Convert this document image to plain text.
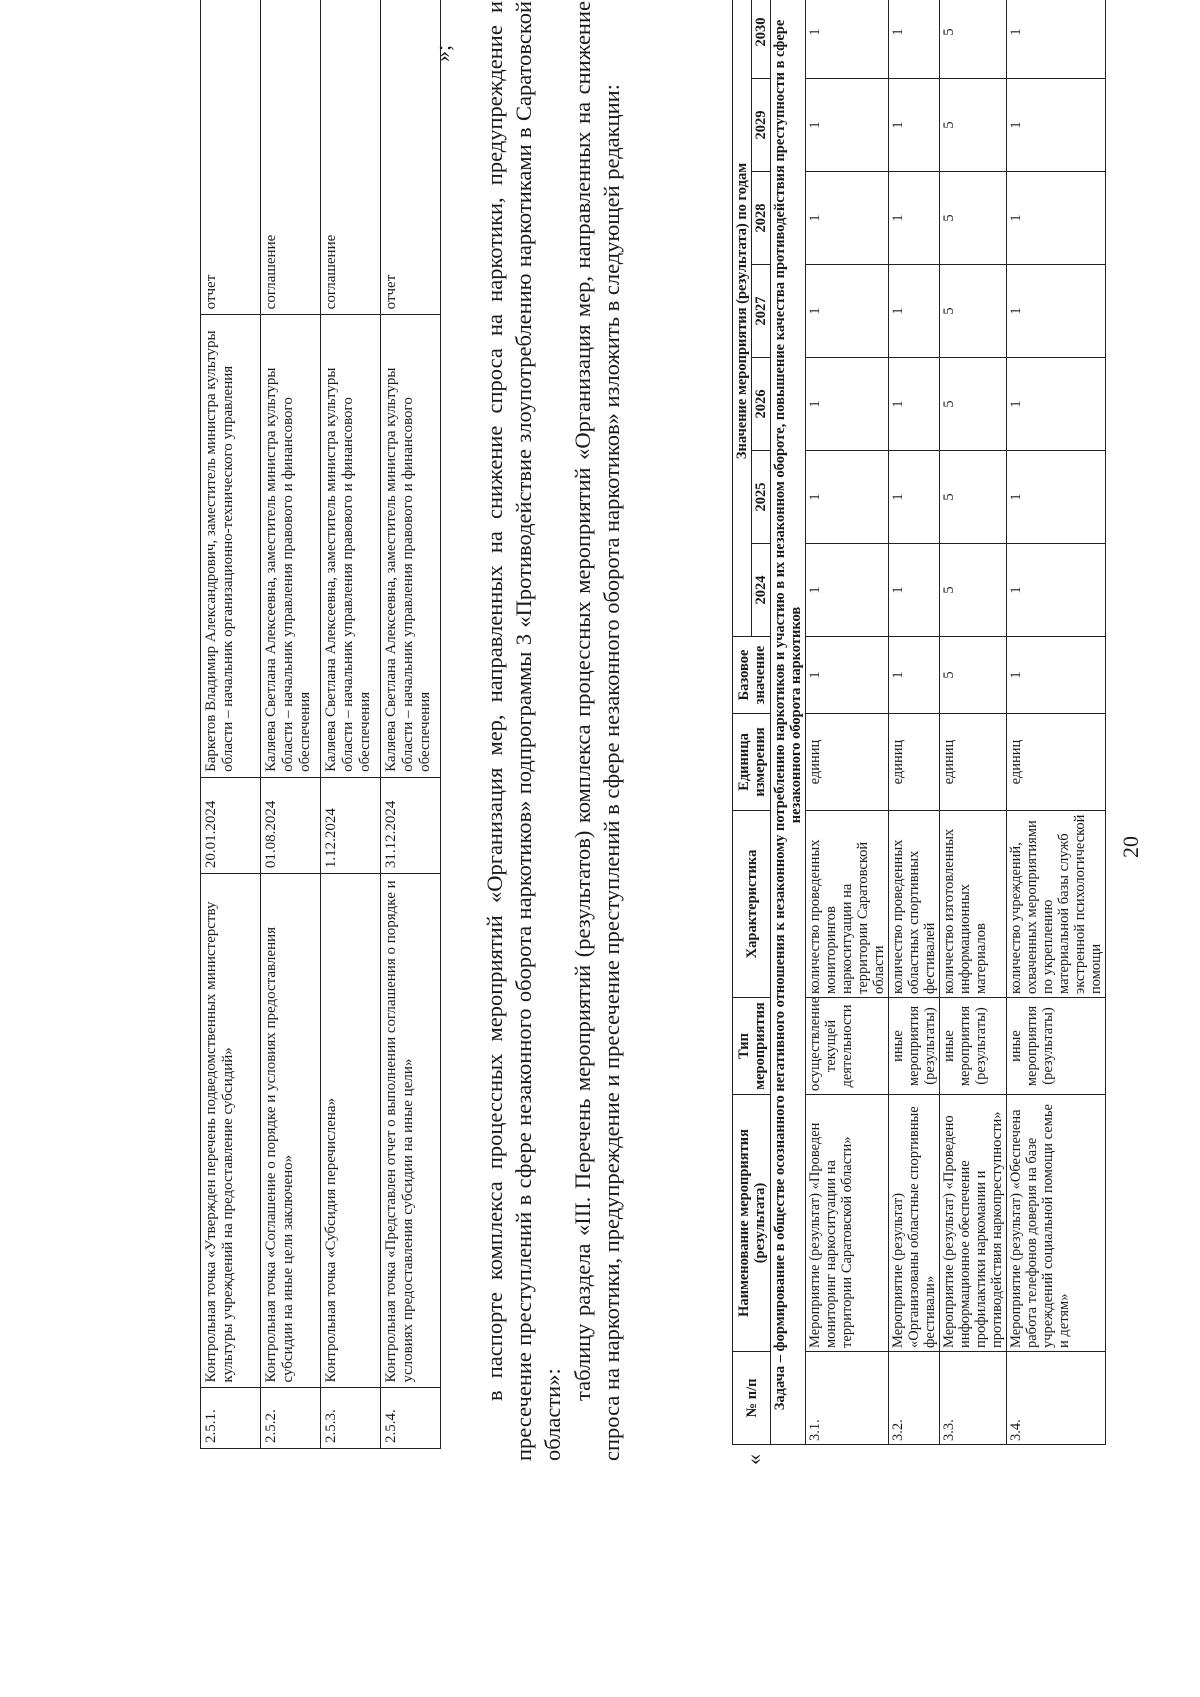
20
2.5.1.	Контрольная точка «Утвержден перечень подведомственных министерству культуры учреждений на предоставление субсидий»	20.01.2024	Баркетов Владимир Александрович, заместитель министра культуры области – начальник организационно-технического управления	отчет
2.5.2.	Контрольная точка «Соглашение о порядке и условиях предоставления субсидии на иные цели заключено»	01.08.2024	Каляева Светлана Алексеевна, заместитель министра культуры области – начальник управления правового и финансового обеспечения	соглашение
2.5.3.	Контрольная точка «Субсидия перечислена»	1.12.2024	Каляева Светлана Алексеевна, заместитель министра культуры области – начальник управления правового и финансового обеспечения	соглашение
2.5.4.	Контрольная точка «Представлен отчет о выполнении соглашения о порядке и условиях предоставления субсидии на иные цели»	31.12.2024	Каляева Светлана Алексеевна, заместитель министра культуры области – начальник управления правового и финансового обеспечения	отчет
»; в паспорте комплекса процессных мероприятий «Организация мер, направленных на снижение спроса на наркотики, предупреждение и пресечение преступлений в сфере незаконного оборота наркотиков» подпрограммы 3 «Противодействие злоупотреблению наркотиками в Саратовской области»:
таблицу раздела «III. Перечень мероприятий (результатов) комплекса процессных мероприятий «Организация мер, направленных на снижение спроса на наркотики, предупреждение и пресечение преступлений в сфере незаконного оборота наркотиков» изложить в следующей редакции:	«
№ п/п	Наименование мероприятия (результата)	Тип мероприятия	Характеристика	Единица измерения	Базовое значение	Значение мероприятия (результата) по годам						
						2024	2025	2026	2027	2028	2029	2030
Задача – формирование в обществе осознанного негативного отношения к незаконному потреблению наркотиков и участию в их незаконном обороте, повышение качества противодействия преступности в сфере незаконного оборота наркотиков												
3.1.	Мероприятие (результат) «Проведен мониторинг наркоситуации на территории Саратовской области»	осуществление текущей деятельности	количество проведенных мониторингов наркоситуации на территории Саратовской области	единиц	1	1	1	1	1	1	1	1
3.2.	Мероприятие (результат) «Организованы областные спортивные фестивали»	иные мероприятия (результаты)	количество проведенных областных спортивных фестивалей	единиц	1	1	1	1	1	1	1	1
3.3.	Мероприятие (результат) «Проведено информационное обеспечение профилактики наркомании и противодействия наркопреступности»	иные мероприятия (результаты)	количество изготовленных информационных материалов	единиц	5	5	5	5	5	5	5	5
3.4.	Мероприятие (результат) «Обеспечена работа телефонов доверия на базе учреждений социальной помощи семье и детям»	иные мероприятия (результаты)	количество учреждений, охваченных мероприятиями по укреплению материальной базы служб экстренной психологической помощи	единиц	1	1	1	1	1	1	1	1
